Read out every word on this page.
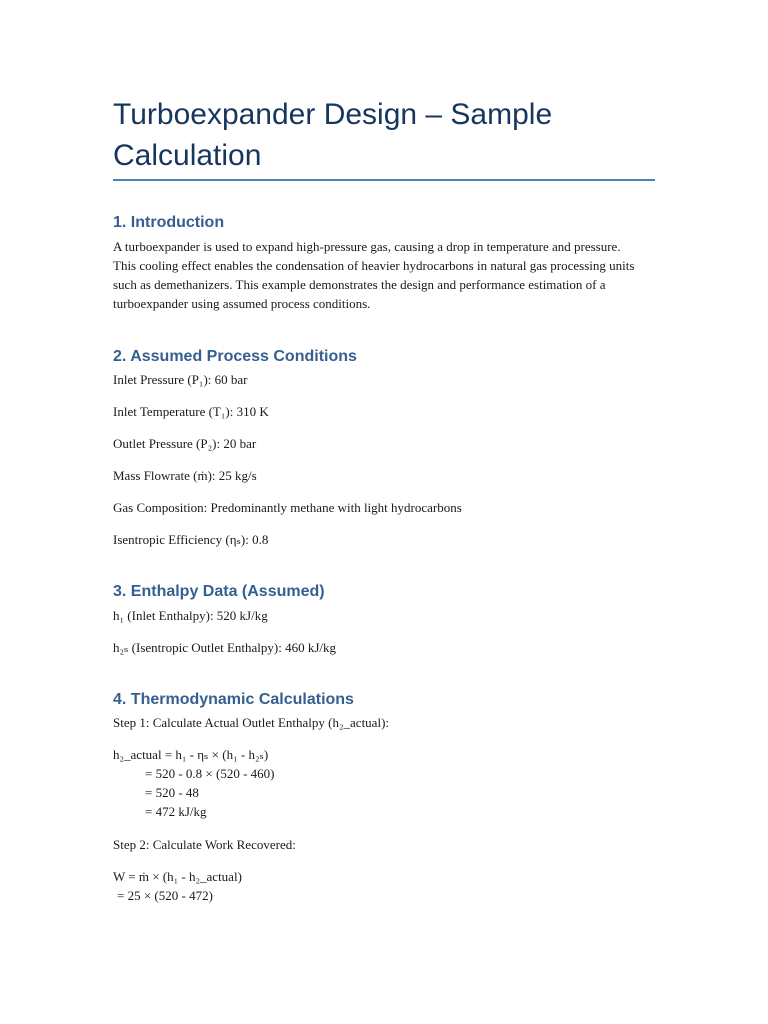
Turboexpander Design – Sample Calculation
1. Introduction

A turboexpander is used to expand high-pressure gas, causing a drop in temperature and pressure. This cooling effect enables the condensation of heavier hydrocarbons in natural gas processing units such as demethanizers. This example demonstrates the design and performance estimation of a turboexpander using assumed process conditions.

2. Assumed Process Conditions

Inlet Pressure (P₁): 60 bar

Inlet Temperature (T₁): 310 K

Outlet Pressure (P₂): 20 bar

Mass Flowrate (ṁ): 25 kg/s

Gas Composition: Predominantly methane with light hydrocarbons

Isentropic Efficiency (ηₛ): 0.8

3. Enthalpy Data (Assumed)

h₁ (Inlet Enthalpy): 520 kJ/kg

h₂ₛ (Isentropic Outlet Enthalpy): 460 kJ/kg

4. Thermodynamic Calculations

Step 1: Calculate Actual Outlet Enthalpy (h₂_actual):

h₂_actual = h₁ - ηₛ × (h₁ - h₂ₛ)

= 520 - 0.8 × (520 - 460)

= 520 - 48

= 472 kJ/kg

Step 2: Calculate Work Recovered:

W = ṁ × (h₁ - h₂_actual)

= 25 × (520 - 472)
